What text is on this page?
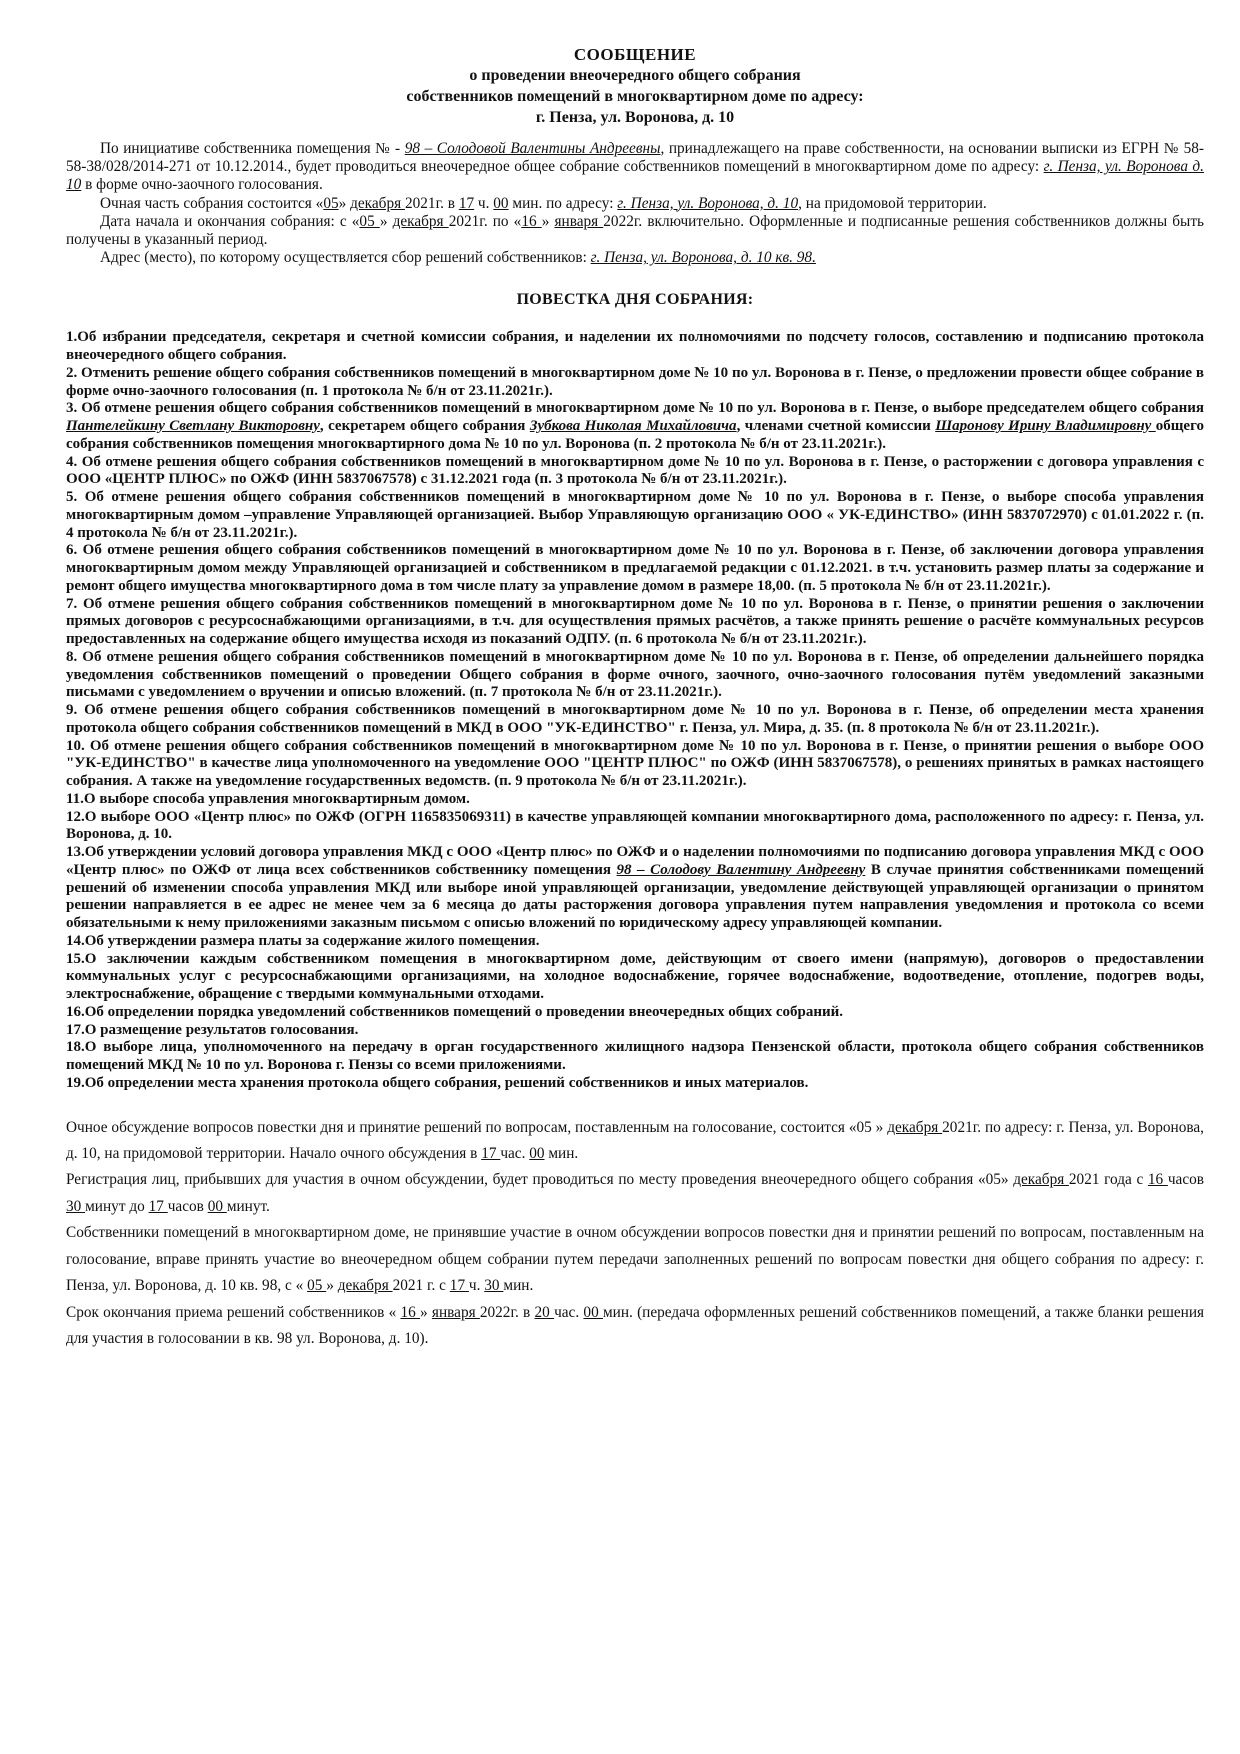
СООБЩЕНИЕ
о проведении внеочередного общего собрания
собственников помещений в многоквартирном доме по адресу:
г. Пенза, ул. Воронова, д. 10

По инициативе собственника помещения № - 98 – Солодовой Валентины Андреевны, принадлежащего на праве собственности, на основании выписки из ЕГРН № 58-58-38/028/2014-271 от 10.12.2014., будет проводиться внеочередное общее собрание собственников помещений в многоквартирном доме по адресу: г. Пенза, ул. Воронова д. 10 в форме очно-заочного голосования.

Очная часть собрания состоится «05» декабря 2021г. в 17 ч. 00 мин. по адресу: г. Пенза, ул. Воронова, д. 10, на придомовой территории.

Дата начала и окончания собрания: с «05 » декабря 2021г. по «16 » января 2022г. включительно. Оформленные и подписанные решения собственников должны быть получены в указанный период.

Адрес (место), по которому осуществляется сбор решений собственников: г. Пенза, ул. Воронова, д. 10 кв. 98.

ПОВЕСТКА ДНЯ СОБРАНИЯ:

1.Об избрании председателя, секретаря и счетной комиссии собрания, и наделении их полномочиями по подсчету голосов, составлению и подписанию протокола внеочередного общего собрания.

2. Отменить решение общего собрания собственников помещений в многоквартирном доме № 10 по ул. Воронова в г. Пензе, о предложении провести общее собрание в форме очно-заочного голосования (п. 1 протокола № б/н от 23.11.2021г.).

3. Об отмене решения общего собрания собственников помещений в многоквартирном доме № 10 по ул. Воронова в г. Пензе, о выборе председателем общего собрания Пантелейкину Светлану Викторовну, секретарем общего собрания Зубкова Николая Михайловича, членами счетной комиссии Шаронову Ирину Владимировну общего собрания собственников помещения многоквартирного дома № 10 по ул. Воронова (п. 2 протокола № б/н от 23.11.2021г.).

4. Об отмене решения общего собрания собственников помещений в многоквартирном доме № 10 по ул. Воронова в г. Пензе, о расторжении с договора управления с ООО «ЦЕНТР ПЛЮС» по ОЖФ (ИНН 5837067578) с 31.12.2021 года (п. 3 протокола № б/н от 23.11.2021г.).

5. Об отмене решения общего собрания собственников помещений в многоквартирном доме № 10 по ул. Воронова в г. Пензе, о выборе способа управления многоквартирным домом –управление Управляющей организацией. Выбор Управляющую организацию ООО « УК-ЕДИНСТВО» (ИНН 5837072970) с 01.01.2022 г. (п. 4 протокола № б/н от 23.11.2021г.).

6. Об отмене решения общего собрания собственников помещений в многоквартирном доме № 10 по ул. Воронова в г. Пензе, об заключении договора управления многоквартирным домом между Управляющей организацией и собственником в предлагаемой редакции с 01.12.2021. в т.ч. установить размер платы за содержание и ремонт общего имущества многоквартирного дома в том числе плату за управление домом в размере 18,00. (п. 5 протокола № б/н от 23.11.2021г.).

7. Об отмене решения общего собрания собственников помещений в многоквартирном доме № 10 по ул. Воронова в г. Пензе, о принятии решения о заключении прямых договоров с ресурсоснабжающими организациями, в т.ч. для осуществления прямых расчётов, а также принять решение о расчёте коммунальных ресурсов предоставленных на содержание общего имущества исходя из показаний ОДПУ. (п. 6 протокола № б/н от 23.11.2021г.).

8. Об отмене решения общего собрания собственников помещений в многоквартирном доме № 10 по ул. Воронова в г. Пензе, об определении дальнейшего порядка уведомления собственников помещений о проведении Общего собрания в форме очного, заочного, очно-заочного голосования путём уведомлений заказными письмами с уведомлением о вручении и описью вложений. (п. 7 протокола № б/н от 23.11.2021г.).

9. Об отмене решения общего собрания собственников помещений в многоквартирном доме № 10 по ул. Воронова в г. Пензе, об определении места хранения протокола общего собрания собственников помещений в МКД в ООО "УК-ЕДИНСТВО" г. Пенза, ул. Мира, д. 35. (п. 8 протокола № б/н от 23.11.2021г.).

10. Об отмене решения общего собрания собственников помещений в многоквартирном доме № 10 по ул. Воронова в г. Пензе, о принятии решения о выборе ООО "УК-ЕДИНСТВО" в качестве лица уполномоченного на уведомление ООО "ЦЕНТР ПЛЮС" по ОЖФ (ИНН 5837067578), о решениях принятых в рамках настоящего собрания. А также на уведомление государственных ведомств. (п. 9 протокола № б/н от 23.11.2021г.).

11.О выборе способа управления многоквартирным домом.

12.О выборе ООО «Центр плюс» по ОЖФ (ОГРН 1165835069311) в качестве управляющей компании многоквартирного дома, расположенного по адресу: г. Пенза, ул. Воронова, д. 10.

13.Об утверждении условий договора управления МКД с ООО «Центр плюс» по ОЖФ и о наделении полномочиями по подписанию договора управления МКД с ООО «Центр плюс» по ОЖФ от лица всех собственников собственнику помещения 98 – Солодову Валентину Андреевну В случае принятия собственниками помещений решений об изменении способа управления МКД или выборе иной управляющей организации, уведомление действующей управляющей организации о принятом решении направляется в ее адрес не менее чем за 6 месяца до даты расторжения договора управления путем направления уведомления и протокола со всеми обязательными к нему приложениями заказным письмом с описью вложений по юридическому адресу управляющей компании.

14.Об утверждении размера платы за содержание жилого помещения.

15.О заключении каждым собственником помещения в многоквартирном доме, действующим от своего имени (напрямую), договоров о предоставлении коммунальных услуг с ресурсоснабжающими организациями, на холодное водоснабжение, горячее водоснабжение, водоотведение, отопление, подогрев воды, электроснабжение, обращение с твердыми коммунальными отходами.

16.Об определении порядка уведомлений собственников помещений о проведении внеочередных общих собраний.

17.О размещение результатов голосования.

18.О выборе лица, уполномоченного на передачу в орган государственного жилищного надзора Пензенской области, протокола общего собрания собственников помещений МКД № 10 по ул. Воронова г. Пензы со всеми приложениями.

19.Об определении места хранения протокола общего собрания, решений собственников и иных материалов.

Очное обсуждение вопросов повестки дня и принятие решений по вопросам, поставленным на голосование, состоится «05 » декабря 2021г. по адресу: г. Пенза, ул. Воронова, д. 10, на придомовой территории. Начало очного обсуждения в 17 час. 00 мин.

Регистрация лиц, прибывших для участия в очном обсуждении, будет проводиться по месту проведения внеочередного общего собрания «05» декабря 2021 года с 16 часов 30 минут до 17 часов 00 минут.

Собственники помещений в многоквартирном доме, не принявшие участие в очном обсуждении вопросов повестки дня и принятии решений по вопросам, поставленным на голосование, вправе принять участие во внеочередном общем собрании путем передачи заполненных решений по вопросам повестки дня общего собрания по адресу: г. Пенза, ул. Воронова, д. 10 кв. 98, с « 05 » декабря 2021 г. с 17 ч. 30 мин.

Срок окончания приема решений собственников « 16 » января 2022г. в 20 час. 00 мин. (передача оформленных решений собственников помещений, а также бланки решения для участия в голосовании в кв. 98 ул. Воронова, д. 10).
